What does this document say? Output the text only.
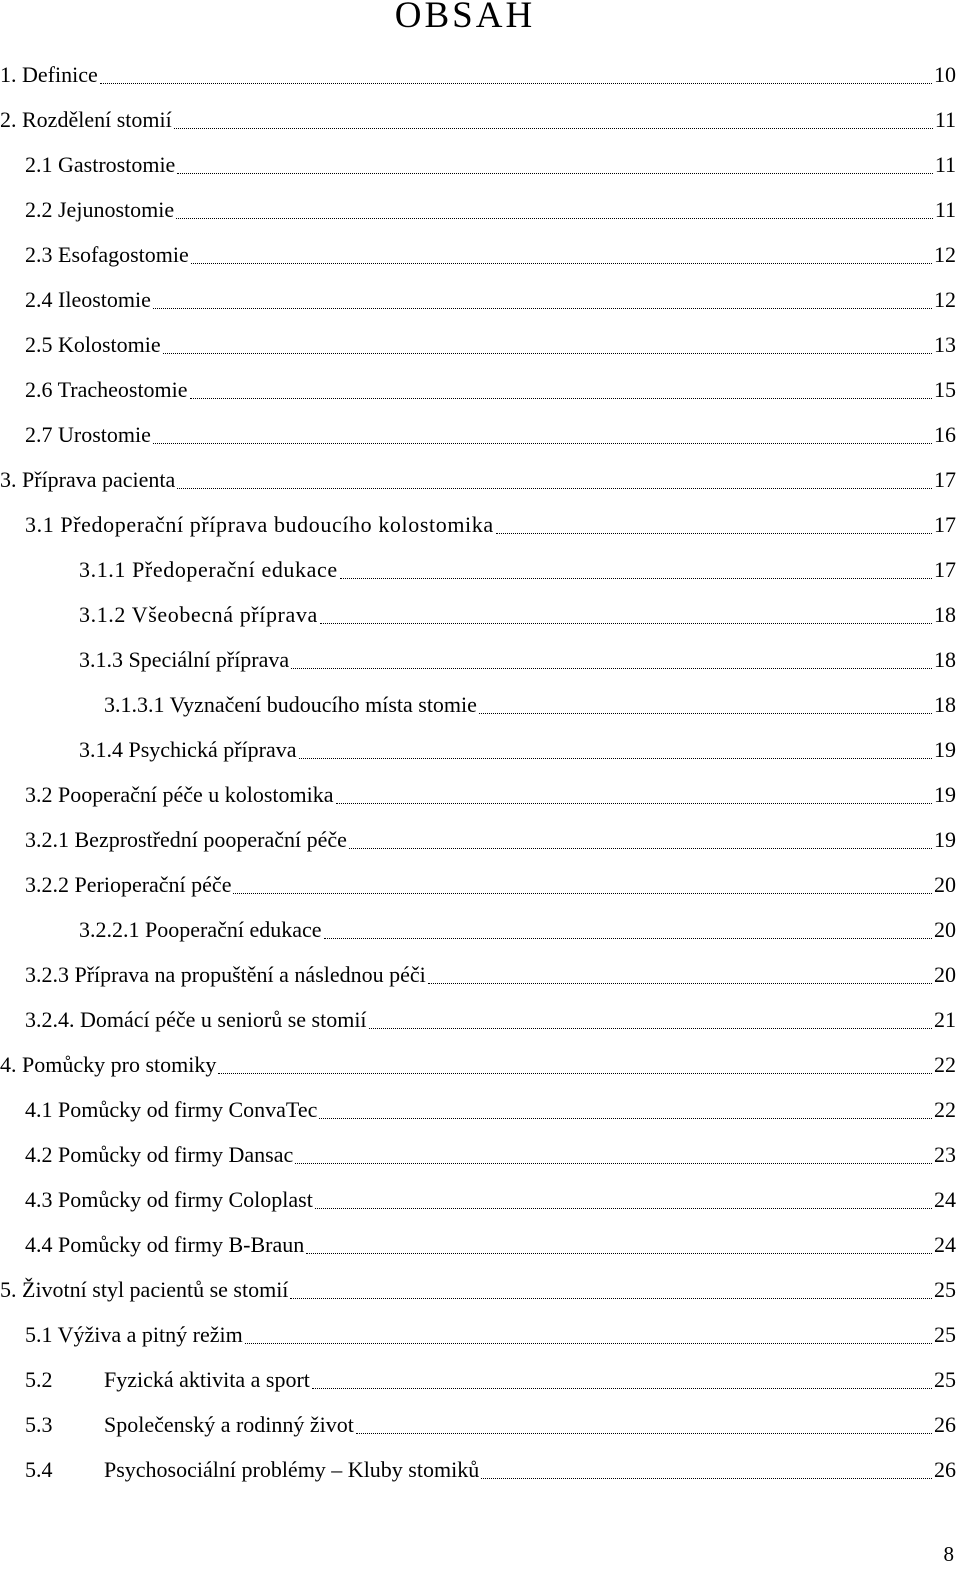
OBSAH
1. Definice	10
2. Rozdělení stomií	11
2.1 Gastrostomie	11
2.2 Jejunostomie	11
2.3 Esofagostomie	12
2.4 Ileostomie	12
2.5 Kolostomie	13
2.6 Tracheostomie	15
2.7 Urostomie	16
3. Příprava pacienta	17
3.1 Předoperační příprava budoucího kolostomika	17
3.1.1 Předoperační edukace	17
3.1.2 Všeobecná příprava	18
3.1.3 Speciální příprava	18
3.1.3.1 Vyznačení budoucího místa stomie	18
3.1.4 Psychická příprava	19
3.2 Pooperační péče u kolostomika	19
3.2.1 Bezprostřední pooperační péče	19
3.2.2 Perioperační péče	20
3.2.2.1 Pooperační edukace	20
3.2.3 Příprava na propuštění a následnou péči	20
3.2.4. Domácí péče u seniorů se stomií	21
4. Pomůcky pro stomiky	22
4.1 Pomůcky od firmy ConvaTec	22
4.2 Pomůcky od firmy Dansac	23
4.3 Pomůcky od firmy Coloplast	24
4.4 Pomůcky od firmy B-Braun	24
5. Životní styl pacientů se stomií	25
5.1 Výživa a pitný režim	25
5.2 Fyzická aktivita a sport	25
5.3 Společenský a rodinný život	26
5.4 Psychosociální problémy – Kluby stomiků	26
8
